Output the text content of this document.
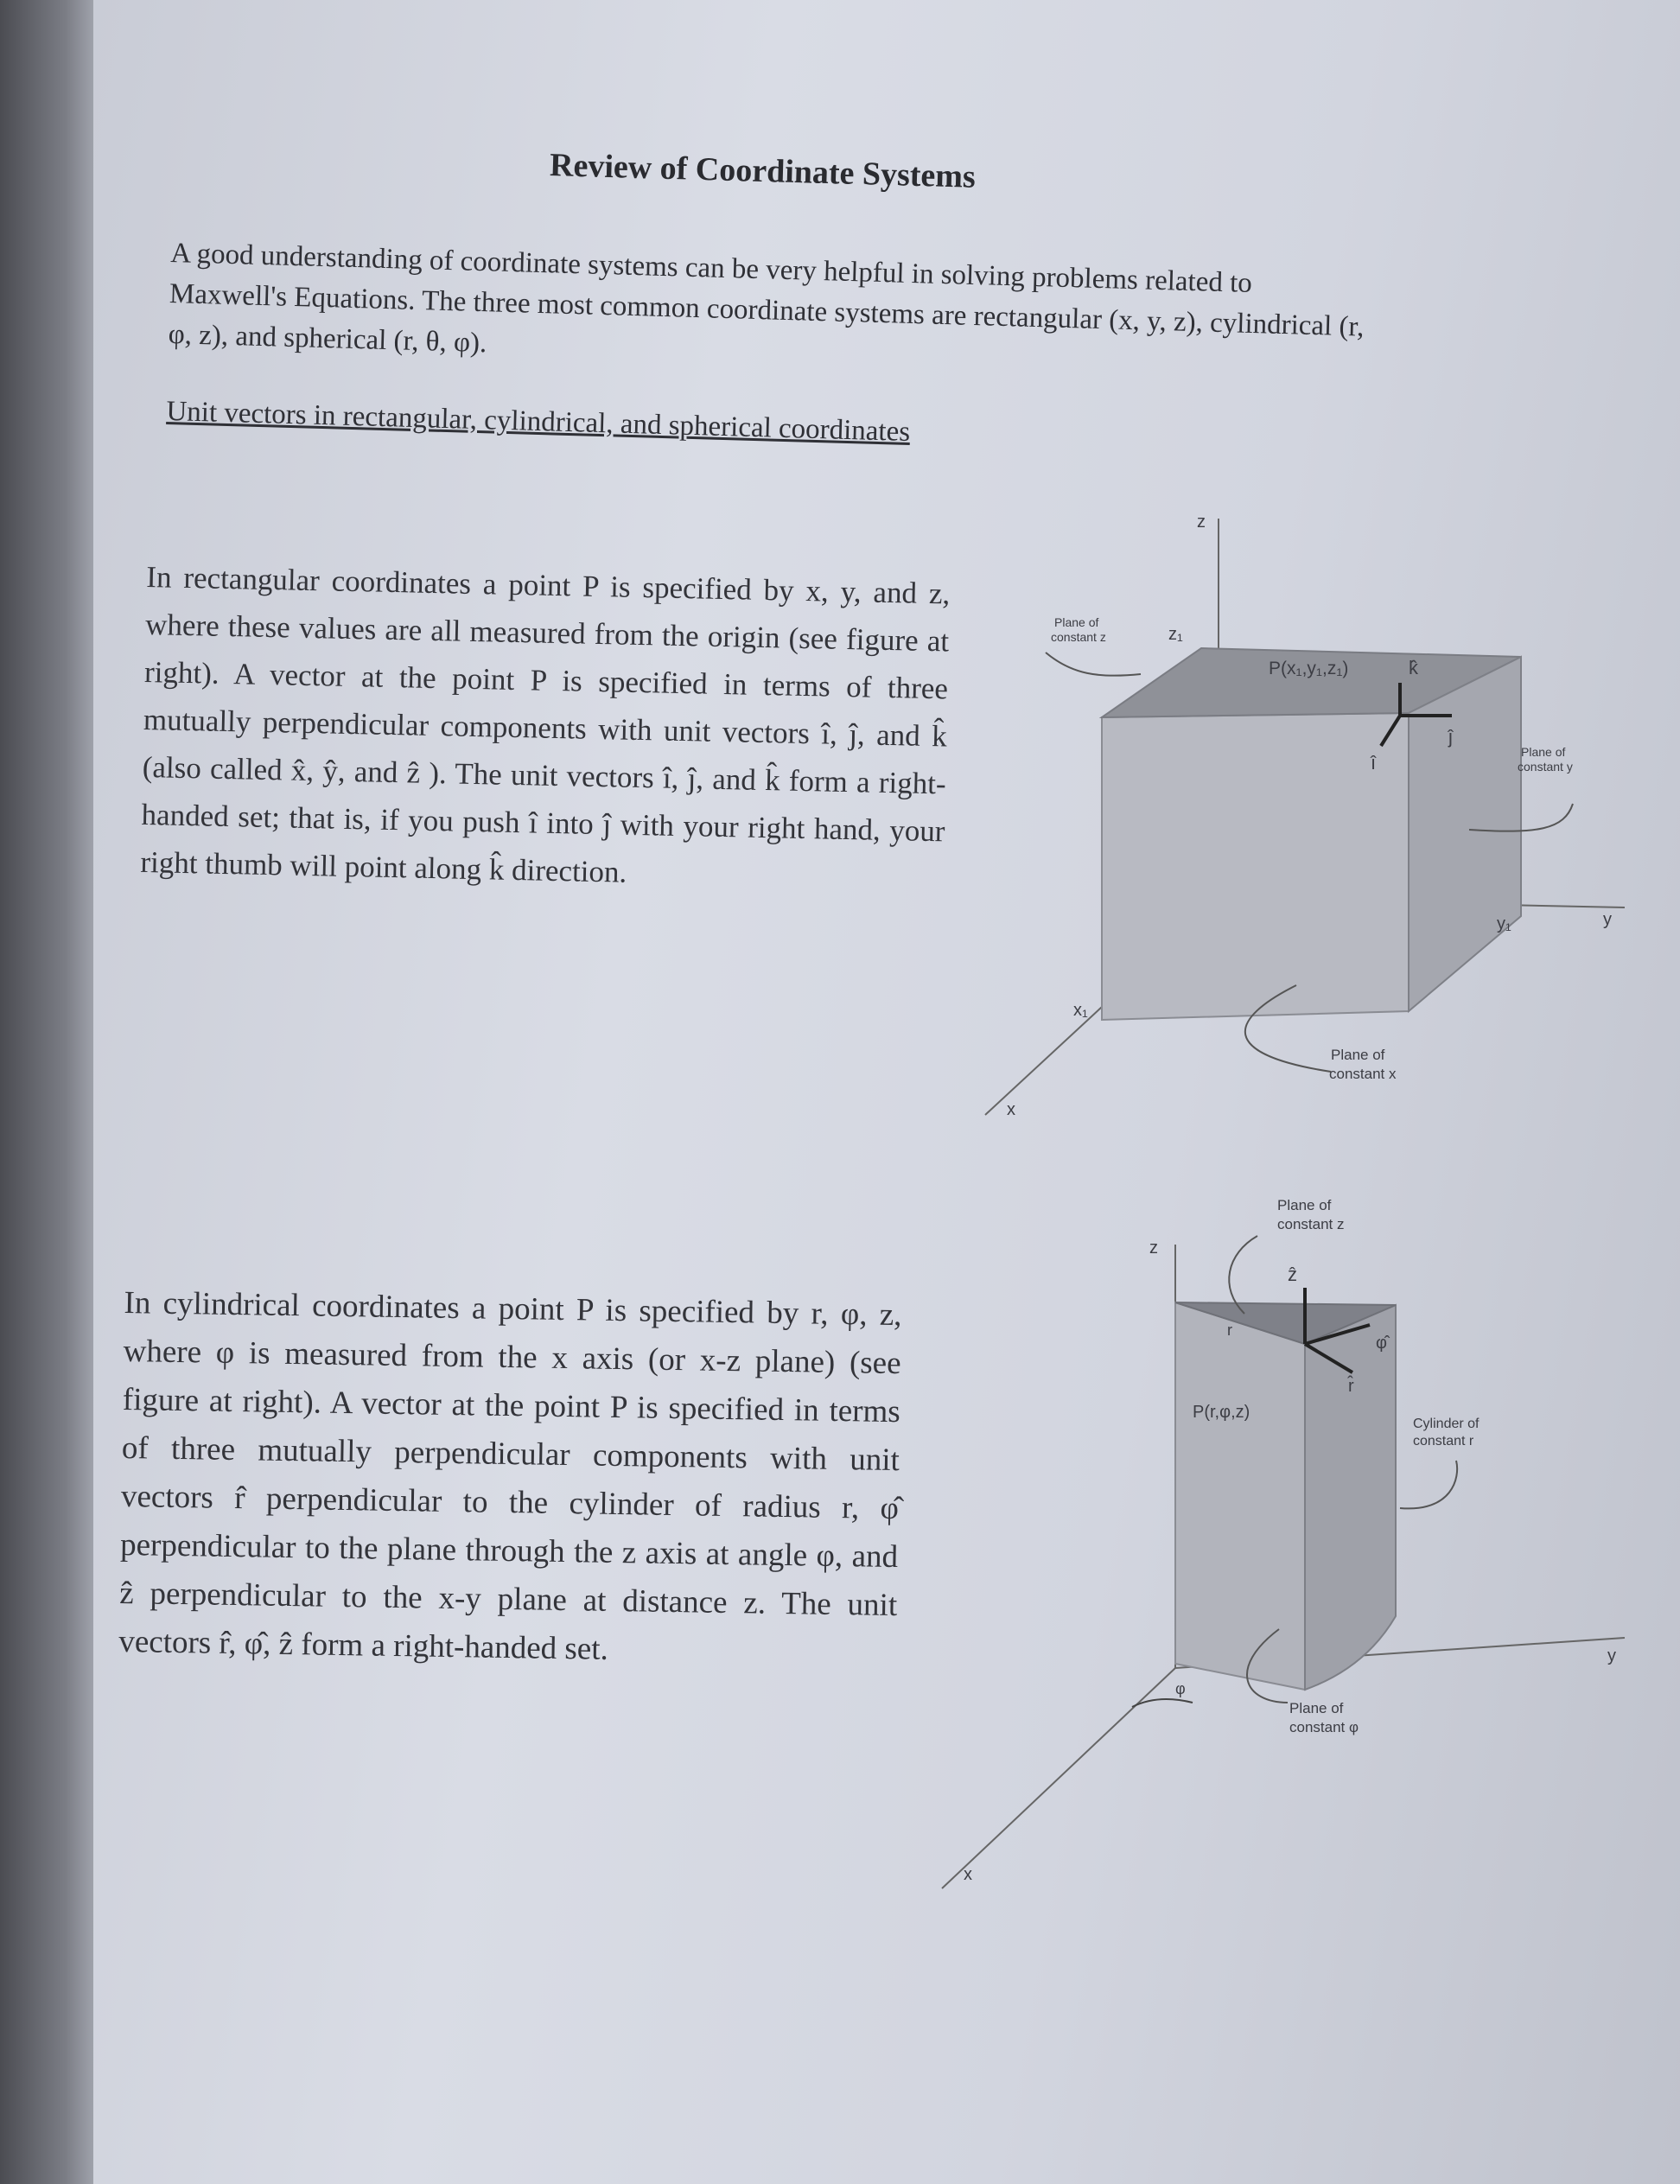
Review of Coordinate Systems

A good understanding of coordinate systems can be very helpful in solving problems related to Maxwell's Equations. The three most common coordinate systems are rectangular (x, y, z), cylindrical (r, φ, z), and spherical (r, θ, φ).

Unit vectors in rectangular, cylindrical, and spherical coordinates

In rectangular coordinates a point P is specified by x, y, and z, where these values are all measured from the origin (see figure at right). A vector at the point P is specified in terms of three mutually perpendicular components with unit vectors î, ĵ, and k̂ (also called x̂, ŷ, and ẑ ). The unit vectors î, ĵ, and k̂ form a right-handed set; that is, if you push î into ĵ with your right hand, your right thumb will point along k̂ direction.

z
x
y
z₁
x₁
y₁
P(x₁,y₁,z₁)
î
ĵ
k̂
Plane of
constant z
Plane of
constant y
Plane of
constant x

In cylindrical coordinates a point P is specified by r, φ, z, where φ is measured from the x axis (or x-z plane) (see figure at right). A vector at the point P is specified in terms of three mutually perpendicular components with unit vectors r̂ perpendicular to the cylinder of radius r, φ̂ perpendicular to the plane through the z axis at angle φ, and ẑ perpendicular to the x-y plane at distance z. The unit vectors r̂, φ̂, ẑ form a right-handed set.

z
x
y
P(r,φ,z)
ẑ
r̂
φ̂
r
φ
Plane of
constant z
Cylinder of
constant r
Plane of
constant φ
